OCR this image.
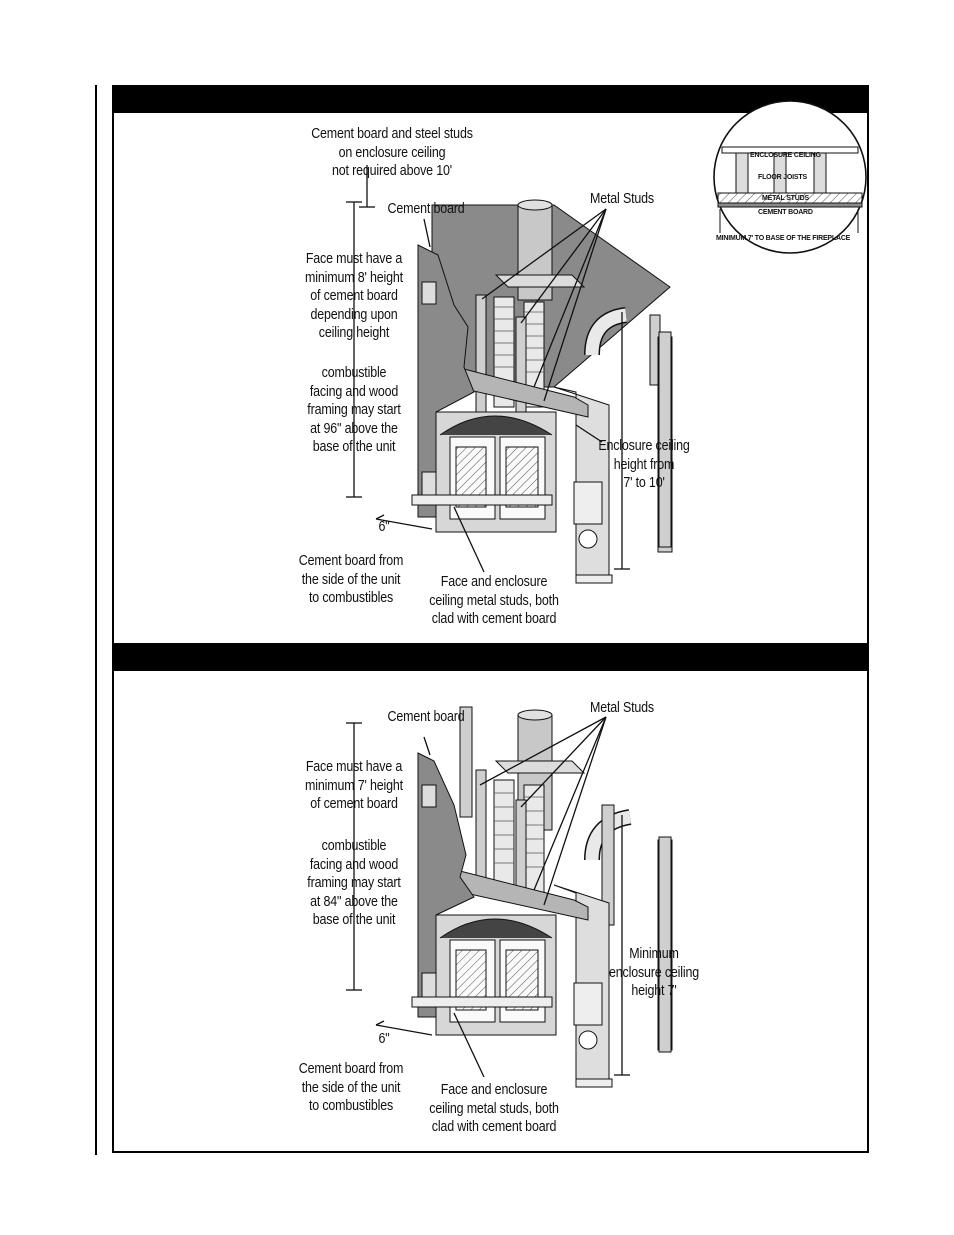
Cement board and steel studs
on enclosure ceiling
not required above 10'
Cement board
Metal Studs
Face must have a
minimum 8' height
of cement board
depending upon
ceiling height
combustible
facing and wood
framing may start
at 96" above the
base of the unit
6"
Cement board from
the side of the unit
to combustibles
Face and enclosure
ceiling metal studs, both
clad with cement board
Enclosure ceiling
height from
7' to 10'
ENCLOSURE CEILING
FLOOR JOISTS
METAL STUDS
CEMENT BOARD
MINIMUM 7' TO BASE OF THE FIREPLACE
Cement board
Metal Studs
Face must have a
minimum 7' height
of cement board
combustible
facing and wood
framing may start
at 84" above the
base of the unit
6"
Cement board from
the side of the unit
to combustibles
Face and enclosure
ceiling metal studs, both
clad with cement board
Minimum
enclosure ceiling
height 7'
